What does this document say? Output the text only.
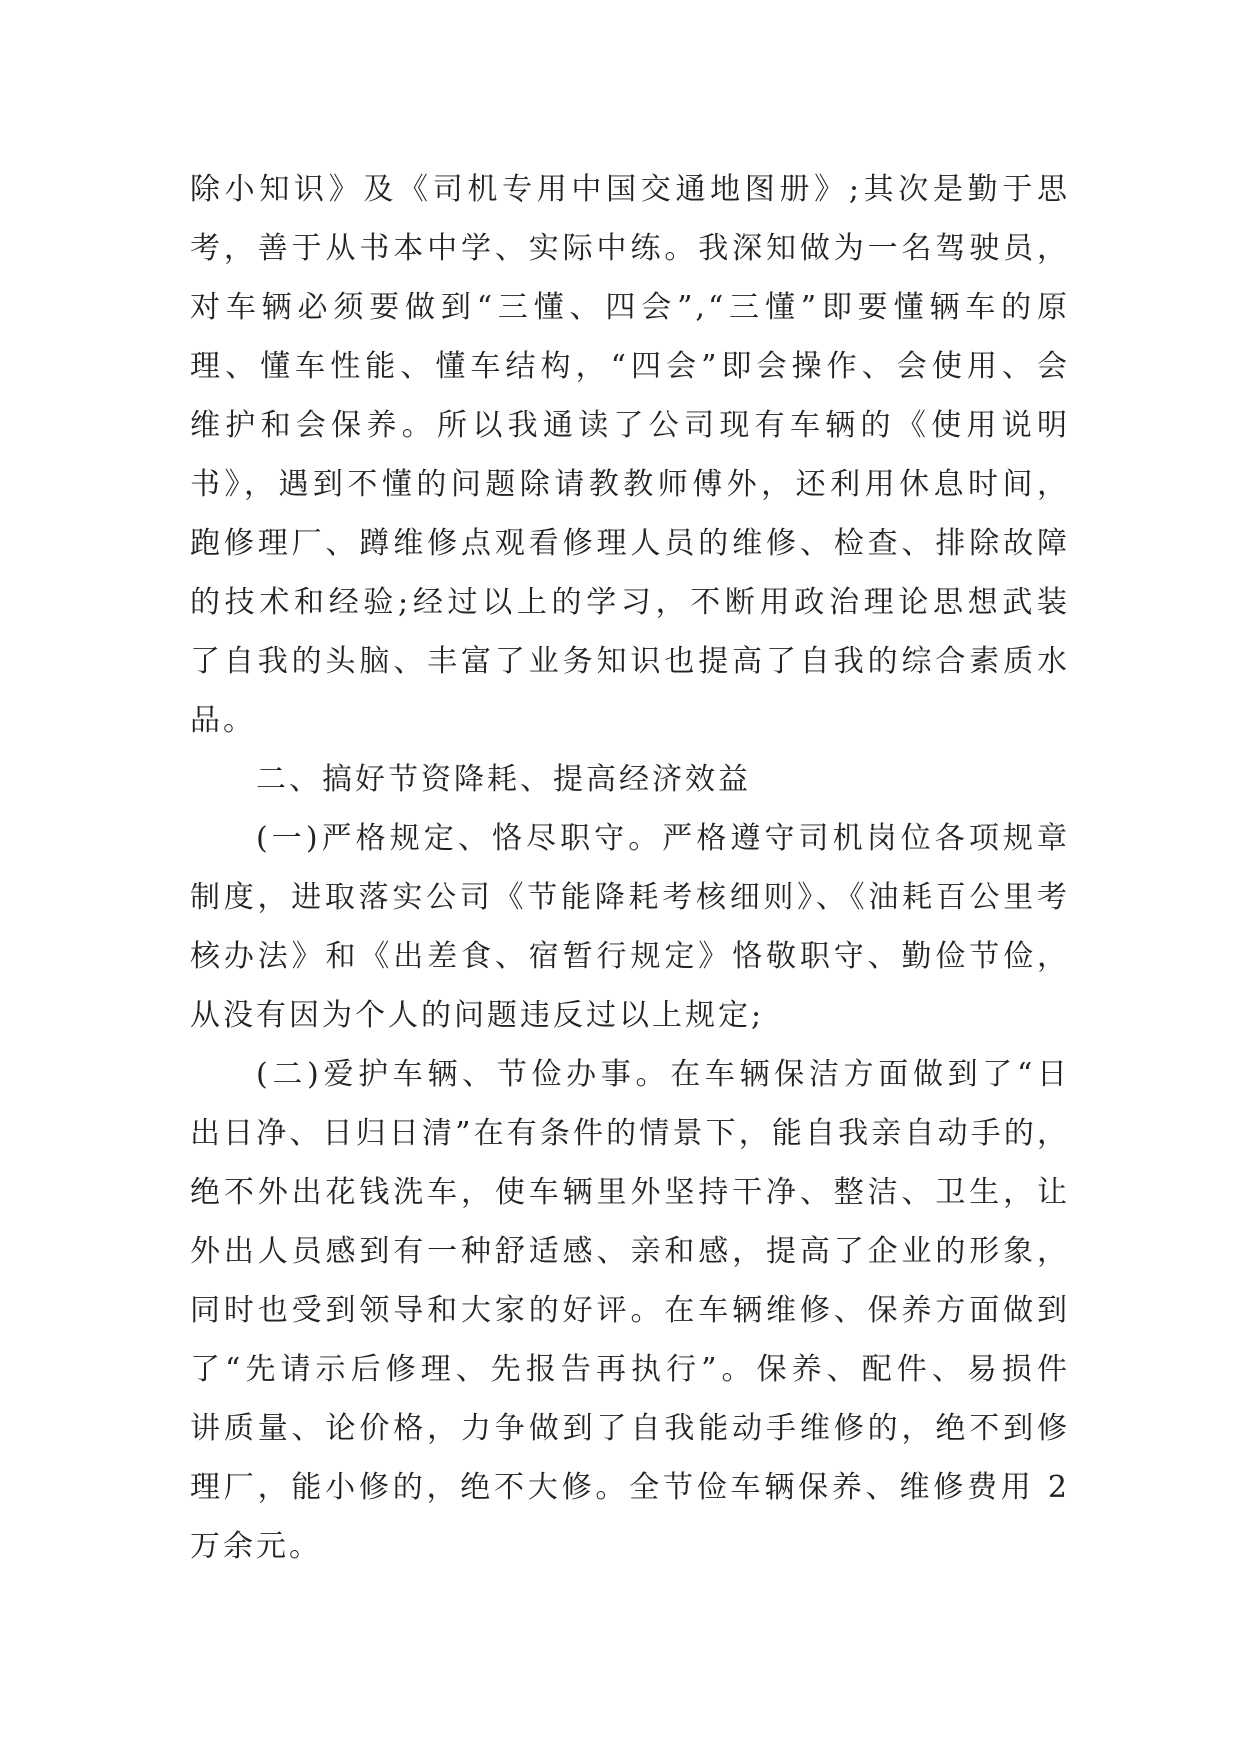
除小知识》及《司机专用中国交通地图册》;其次是勤于思
考，善于从书本中学、实际中练。我深知做为一名驾驶员，
对车辆必须要做到“三懂、四会”,“三懂”即要懂辆车的原
理、懂车性能、懂车结构，“四会”即会操作、会使用、会
维护和会保养。所以我通读了公司现有车辆的《使用说明
书》，遇到不懂的问题除请教教师傅外，还利用休息时间，
跑修理厂、蹲维修点观看修理人员的维修、检查、排除故障
的技术和经验;经过以上的学习，不断用政治理论思想武装
了自我的头脑、丰富了业务知识也提高了自我的综合素质水
品。
二、搞好节资降耗、提高经济效益
(一)严格规定、恪尽职守。严格遵守司机岗位各项规章
制度，进取落实公司《节能降耗考核细则》、《油耗百公里考
核办法》和《出差食、宿暂行规定》恪敬职守、勤俭节俭，
从没有因为个人的问题违反过以上规定;
(二)爱护车辆、节俭办事。在车辆保洁方面做到了“日
出日净、日归日清”在有条件的情景下，能自我亲自动手的，
绝不外出花钱洗车，使车辆里外坚持干净、整洁、卫生，让
外出人员感到有一种舒适感、亲和感，提高了企业的形象，
同时也受到领导和大家的好评。在车辆维修、保养方面做到
了“先请示后修理、先报告再执行”。保养、配件、易损件
讲质量、论价格，力争做到了自我能动手维修的，绝不到修
理厂，能小修的，绝不大修。全节俭车辆保养、维修费用 2
万余元。
